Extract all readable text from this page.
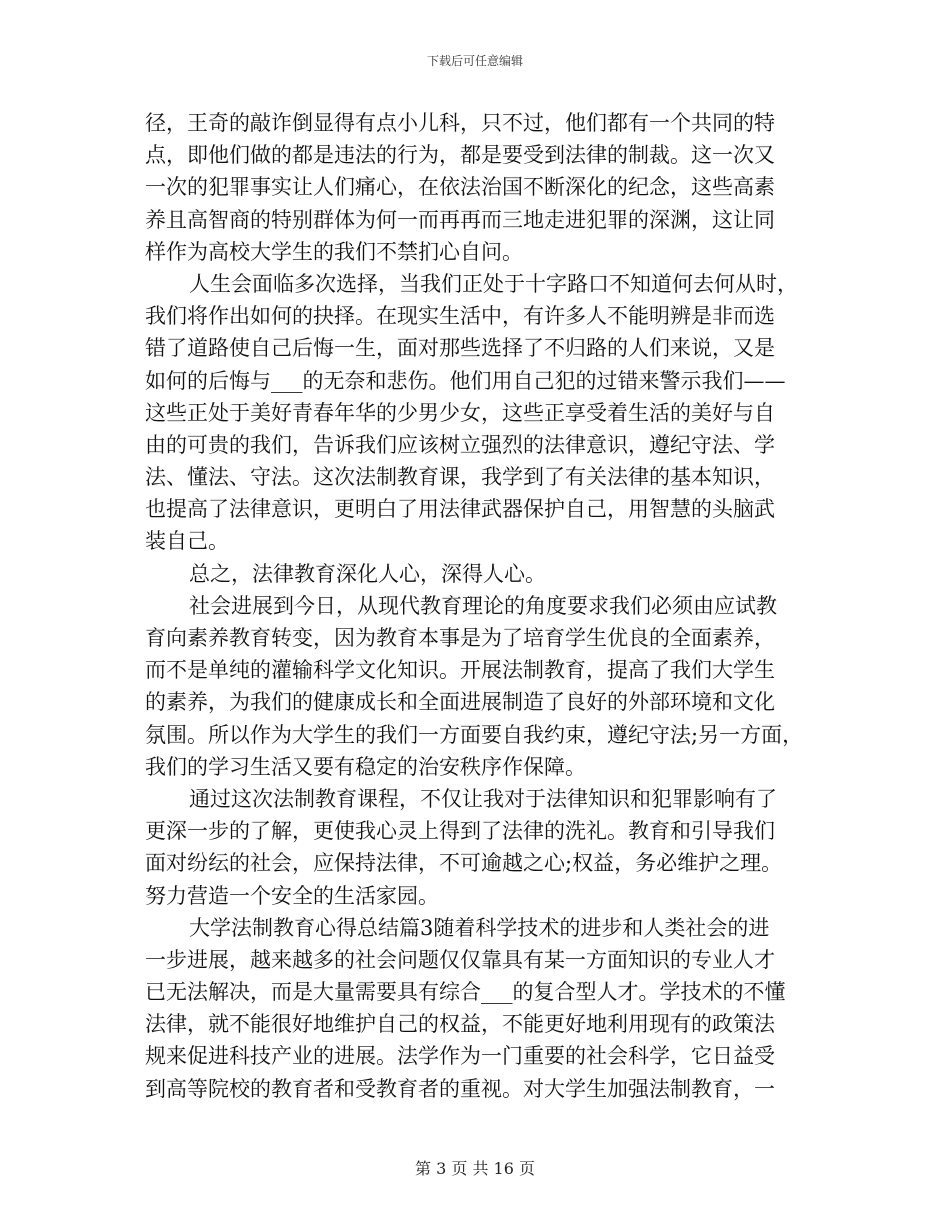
下载后可任意编辑
径，王奇的敲诈倒显得有点小儿科，只不过，他们都有一个共同的特
点，即他们做的都是违法的行为，都是要受到法律的制裁。这一次又
一次的犯罪事实让人们痛心，在依法治国不断深化的纪念，这些高素
养且高智商的特别群体为何一而再再而三地走进犯罪的深渊，这让同
样作为高校大学生的我们不禁扪心自问。
人生会面临多次选择，当我们正处于十字路口不知道何去何从时，
我们将作出如何的抉择。在现实生活中，有许多人不能明辨是非而选
错了道路使自己后悔一生，面对那些选择了不归路的人们来说，又是
如何的后悔与___的无奈和悲伤。他们用自己犯的过错来警示我们——
这些正处于美好青春年华的少男少女，这些正享受着生活的美好与自
由的可贵的我们，告诉我们应该树立强烈的法律意识，遵纪守法、学
法、懂法、守法。这次法制教育课，我学到了有关法律的基本知识，
也提高了法律意识，更明白了用法律武器保护自己，用智慧的头脑武
装自己。
总之，法律教育深化人心，深得人心。
社会进展到今日，从现代教育理论的角度要求我们必须由应试教
育向素养教育转变，因为教育本事是为了培育学生优良的全面素养，
而不是单纯的灌输科学文化知识。开展法制教育，提高了我们大学生
的素养，为我们的健康成长和全面进展制造了良好的外部环境和文化
氛围。所以作为大学生的我们一方面要自我约束，遵纪守法;另一方面，
我们的学习生活又要有稳定的治安秩序作保障。
通过这次法制教育课程，不仅让我对于法律知识和犯罪影响有了
更深一步的了解，更使我心灵上得到了法律的洗礼。教育和引导我们
面对纷纭的社会，应保持法律，不可逾越之心;权益，务必维护之理。
努力营造一个安全的生活家园。
大学法制教育心得总结篇3随着科学技术的进步和人类社会的进
一步进展，越来越多的社会问题仅仅靠具有某一方面知识的专业人才
已无法解决，而是大量需要具有综合___的复合型人才。学技术的不懂
法律，就不能很好地维护自己的权益，不能更好地利用现有的政策法
规来促进科技产业的进展。法学作为一门重要的社会科学，它日益受
到高等院校的教育者和受教育者的重视。对大学生加强法制教育，一
第 3 页 共 16 页
